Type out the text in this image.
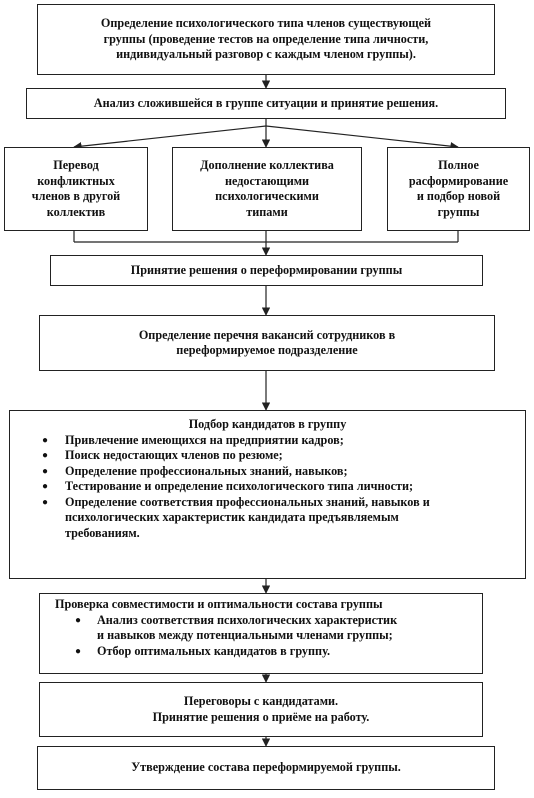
Определение психологического типа членов существующей
группы (проведение тестов на определение типа личности,
индивидуальный разговор с каждым членом группы).
Анализ сложившейся в группе ситуации и принятие решения.
Перевод
конфликтных
членов в другой
коллектив
Дополнение коллектива
недостающими
психологическими
типами
Полное
расформирование
и подбор новой
группы
Принятие решения о переформировании группы
Определение перечня вакансий сотрудников в
переформируемое подразделение
Подбор кандидатов в группу
● Привлечение имеющихся на предприятии кадров;
● Поиск недостающих членов по резюме;
● Определение профессиональных знаний, навыков;
● Тестирование и определение психологического типа личности;
● Определение соответствия профессиональных знаний, навыков и
психологических характеристик кандидата предъявляемым
требованиям.
Проверка совместимости и оптимальности состава группы
● Анализ соответствия психологических характеристик
и навыков между потенциальными членами группы;
● Отбор оптимальных кандидатов в группу.
Переговоры с кандидатами.
Принятие решения о приёме на работу.
Утверждение состава переформируемой группы.
